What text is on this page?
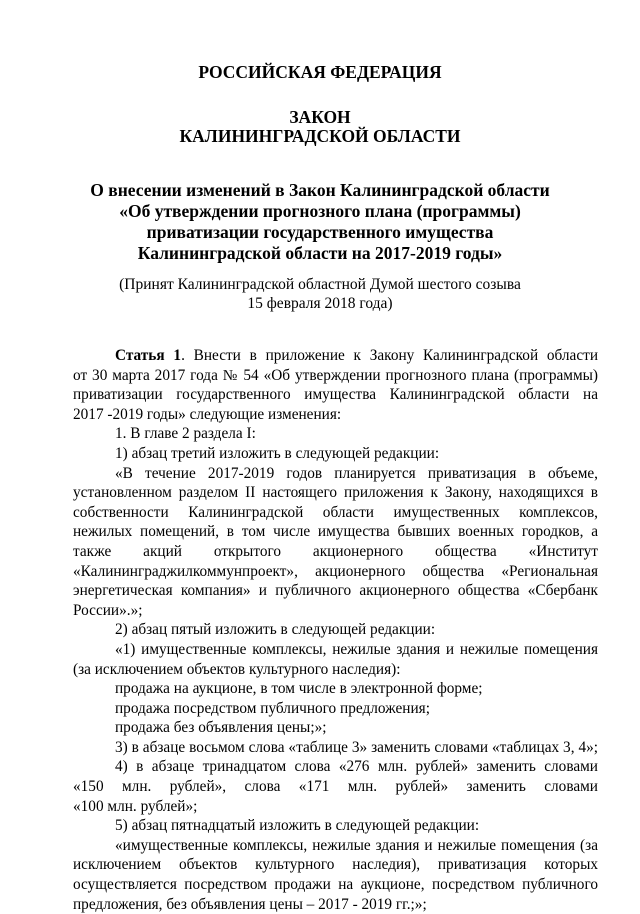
РОССИЙСКАЯ ФЕДЕРАЦИЯ
ЗАКОН
КАЛИНИНГРАДСКОЙ ОБЛАСТИ
О внесении изменений в Закон Калининградской области
«Об утверждении прогнозного плана (программы)
приватизации государственного имущества
Калининградской области на 2017-2019 годы»
(Принят Калининградской областной Думой шестого созыва
15 февраля 2018 года)
Статья 1. Внести в приложение к Закону Калининградской области
от 30 марта 2017 года № 54 «Об утверждении прогнозного плана (программы)
приватизации государственного имущества Калининградской области на
2017 -2019 годы» следующие изменения:
1. В главе 2 раздела I:
1) абзац третий изложить в следующей редакции:
«В течение 2017-2019 годов планируется приватизация в объеме,
установленном разделом II настоящего приложения к Закону, находящихся в
собственности Калининградской области имущественных комплексов,
нежилых помещений, в том числе имущества бывших военных городков, а
также акций открытого акционерного общества «Институт
«Калининграджилкоммунпроект», акционерного общества «Региональная
энергетическая компания» и публичного акционерного общества «Сбербанк
России».»;
2) абзац пятый изложить в следующей редакции:
«1) имущественные комплексы, нежилые здания и нежилые помещения
(за исключением объектов культурного наследия):
продажа на аукционе, в том числе в электронной форме;
продажа посредством публичного предложения;
продажа без объявления цены;»;
3) в абзаце восьмом слова «таблице 3» заменить словами «таблицах 3, 4»;
4) в абзаце тринадцатом слова «276 млн. рублей» заменить словами
«150 млн. рублей», слова «171 млн. рублей» заменить словами
«100 млн. рублей»;
5) абзац пятнадцатый изложить в следующей редакции:
«имущественные комплексы, нежилые здания и нежилые помещения (за
исключением объектов культурного наследия), приватизация которых
осуществляется посредством продажи на аукционе, посредством публичного
предложения, без объявления цены – 2017 - 2019 гг.;»;
